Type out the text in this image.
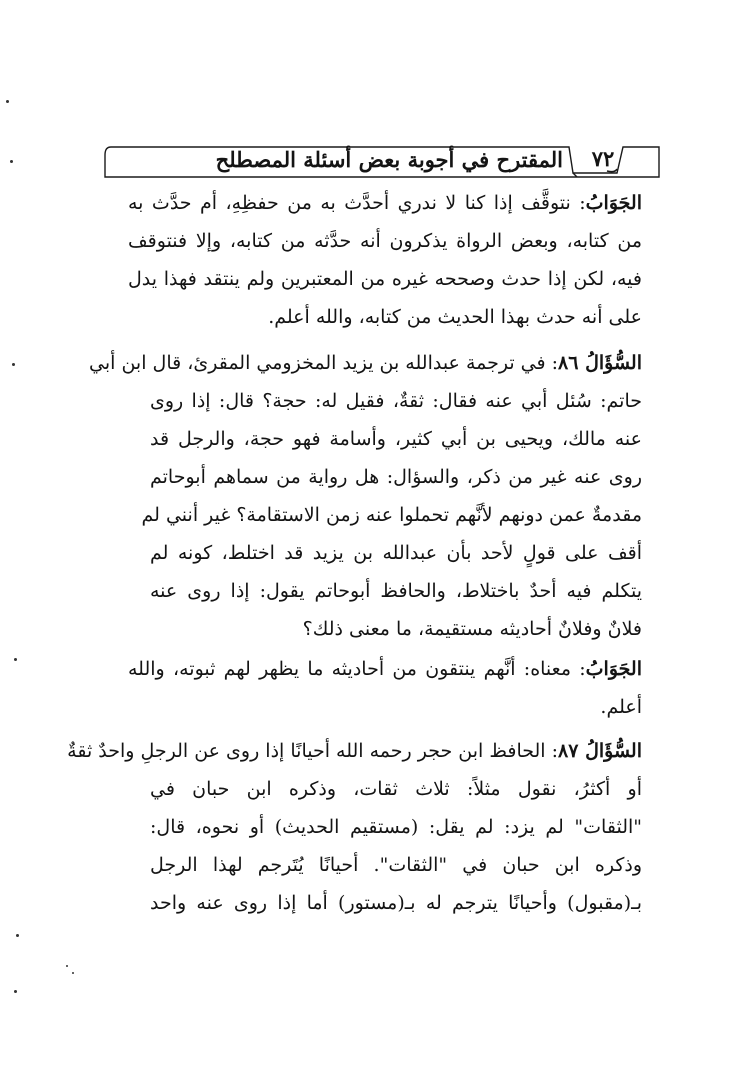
المقترح في أجوبة بعض أسئلة المصطلح	٧٢
الجَوَابُ: نتوقَّف إذا كنا لا ندري أحدَّث به من حفظِهِ، أم حدَّث به
من كتابه، وبعض الرواة يذكرون أنه حدَّثه من كتابه، وإلا فنتوقف
فيه، لكن إذا حدث وصححه غيره من المعتبرين ولم ينتقد فهذا يدل
على أنه حدث بهذا الحديث من كتابه، والله أعلم.
السُّؤَالُ ٨٦: في ترجمة عبدالله بن يزيد المخزومي المقرئ، قال ابن أبي
حاتم: سُئل أبي عنه فقال: ثقةٌ، فقيل له: حجة؟ قال: إذا روى
عنه مالك، ويحيى بن أبي كثير، وأسامة فهو حجة، والرجل قد
روى عنه غير من ذكر، والسؤال: هل رواية من سماهم أبوحاتم
مقدمةٌ عمن دونهم لأنَّهم تحملوا عنه زمن الاستقامة؟ غير أنني لم
أقف على قولٍ لأحد بأن عبدالله بن يزيد قد اختلط، كونه لم
يتكلم فيه أحدٌ باختلاط، والحافظ أبوحاتم يقول: إذا روى عنه
فلانٌ وفلانٌ أحاديثه مستقيمة، ما معنى ذلك؟
الجَوَابُ: معناه: أنَّهم ينتقون من أحاديثه ما يظهر لهم ثبوته، والله
أعلم.
السُّؤَالُ ٨٧: الحافظ ابن حجر رحمه الله أحيانًا إذا روى عن الرجلِ واحدٌ ثقةٌ
أو أكثرُ، نقول مثلاً: ثلاث ثقات، وذكره ابن حبان في
"الثقات" لم يزد: لم يقل: (مستقيم الحديث) أو نحوه، قال:
وذكره ابن حبان في "الثقات". أحيانًا يُتَرجم لهذا الرجل
بـ(مقبول) وأحيانًا يترجم له بـ(مستور) أما إذا روى عنه واحد
